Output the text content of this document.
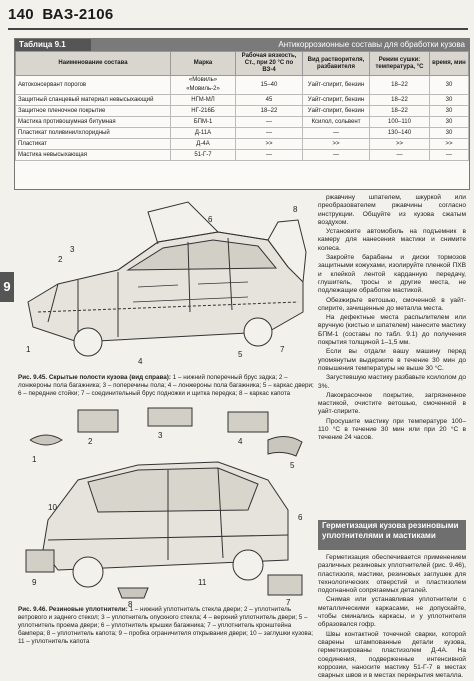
140 ВАЗ-2106
9
Таблица 9.1	Антикоррозионные составы для обработки кузова
Наименование состава	Марка	Рабочая вязкость, Ст., при 20 °С по ВЗ-4	Вид растворителя, разбавителя	Режим сушки: температура, °С	время, мин
Автоконсервант порогов	«Мовиль» «Мовиль-2»	15–40	Уайт-спирит, бензин	18–22	30
Защитный сланцевый материал невысыхающий	НГМ-МЛ	45	Уайт-спирит, бензин	18–22	30
Защитное пленочное покрытие	НГ-216Б	18–22	Уайт-спирит, бензин	18–22	30
Мастика противошумная битумная	БПМ-1	—	Ксилол, сольвент	100–110	30
Пластикат поливинилхлоридный	Д-11А	—	—	130–140	30
Пластикат	Д-4А	>>	>>	>>	>>
Мастика невысыхающая	51-Г-7	—	—	—	—
1
2
3
4
5
6
7
8
Рис. 9.45. Скрытые полости кузова (вид справа): 1 – нижний поперечный брус задка; 2 – лонжероны пола багажника; 3 – поперечины пола; 4 – лонжероны пола багажника; 5 – каркас двери; 6 – передние стойки; 7 – соединительный брус подножки и щитка передка; 8 – каркас капота
1
2
3
4
5
6
7
8
9
10
11
Рис. 9.46. Резиновые уплотнители: 1 – нижний уплотнитель стекла двери; 2 – уплотнитель ветрового и заднего стекол; 3 – уплотнитель опускного стекла; 4 – верхний уплотнитель двери; 5 – уплотнитель проема двери; 6 – уплотнитель крышки багажника; 7 – уплотнитель кронштейна бампера; 8 – уплотнитель капота; 9 – пробка ограничителя открывания двери; 10 – заглушки кузова; 11 – уплотнитель капота

ржавчину шпателем, шкуркой или преобразователем ржавчины согласно инструкции. Общуйте из кузова сжатым воздухом.

Установите автомобиль на подъемник в камеру для нанесения мастики и снимите колеса.

Закройте барабаны и диски тормозов защитными кожухами, изолируйте пленкой ПХВ и клейкой лентой карданную передачу, глушитель, тросы и другие места, не подлежащие обработке мастикой.

Обезжирьте ветошью, смоченной в уайт-спирите, зачищенные до металла места.

На дефектные места распылителем или вручную (кистью и шпателем) нанесите мастику БПМ-1 (составы по табл. 9.1) до получения покрытия толщиной 1–1,5 мм.

Если вы отдали вашу машину перед упомянутым выдержите в течение 30 мин до повышения температуры не выше 30 °С.

Загустевшую мастику разбавьте ксилолом до 3%.

Лакокрасочное покрытие, загрязненное мастикой, очистите ветошью, смоченной в уайт-спирите.

Просушите мастику при температуре 100–110 °С в течение 30 мин или при 20 °С в течение 24 часов.

Герметизация кузова резиновыми уплотнителями и мастиками

Герметизация обеспечивается применением различных резиновых уплотнителей (рис. 9.46), пластизоля, мастики, резиновых заглушек для технологических отверстий и пластизолем подогнанной сопрягаемых деталей.

Снимая или устанавливая уплотнители с металлическими каркасами, не допускайте, чтобы сминались каркасы, и у уплотнителя образовался гофр.

Швы контактной точечной сварки, которой сварены штампованные детали кузова, герметизированы пластизолем Д-4А. На соединения, подверженные интенсивной коррозии, наносите мастику 51-Г-7 в местах сварных швов и в местах перекрытия металла.
